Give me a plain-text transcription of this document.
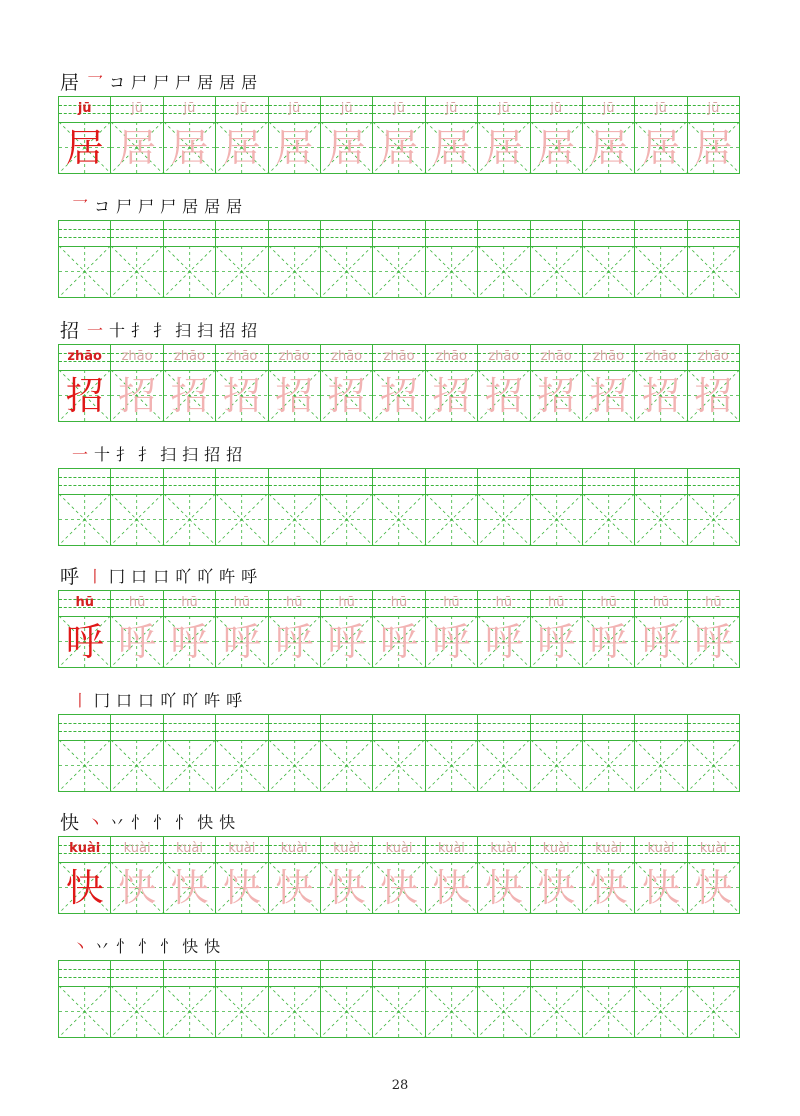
居 乛 コ 尸 尸 尸 居 居 居
jū
居
jū
居
jū
居
jū
居
jū
居
jū
居
jū
居
jū
居
jū
居
jū
居
jū
居
jū
居
jū
居
乛 コ 尸 尸 尸 居 居 居
招 一 十 扌 扌 扫 扫 招 招
zhāo
招
zhāo
招
zhāo
招
zhāo
招
zhāo
招
zhāo
招
zhāo
招
zhāo
招
zhāo
招
zhāo
招
zhāo
招
zhāo
招
zhāo
招
一 十 扌 扌 扫 扫 招 招
呼 丨 冂 口 口 吖 吖 吘 呼
hū
呼
hū
呼
hū
呼
hū
呼
hū
呼
hū
呼
hū
呼
hū
呼
hū
呼
hū
呼
hū
呼
hū
呼
hū
呼
丨 冂 口 口 吖 吖 吘 呼
快 丶 丷 忄 忄 忄 快 快
kuài
快
kuài
快
kuài
快
kuài
快
kuài
快
kuài
快
kuài
快
kuài
快
kuài
快
kuài
快
kuài
快
kuài
快
kuài
快
丶 丷 忄 忄 忄 快 快
28
